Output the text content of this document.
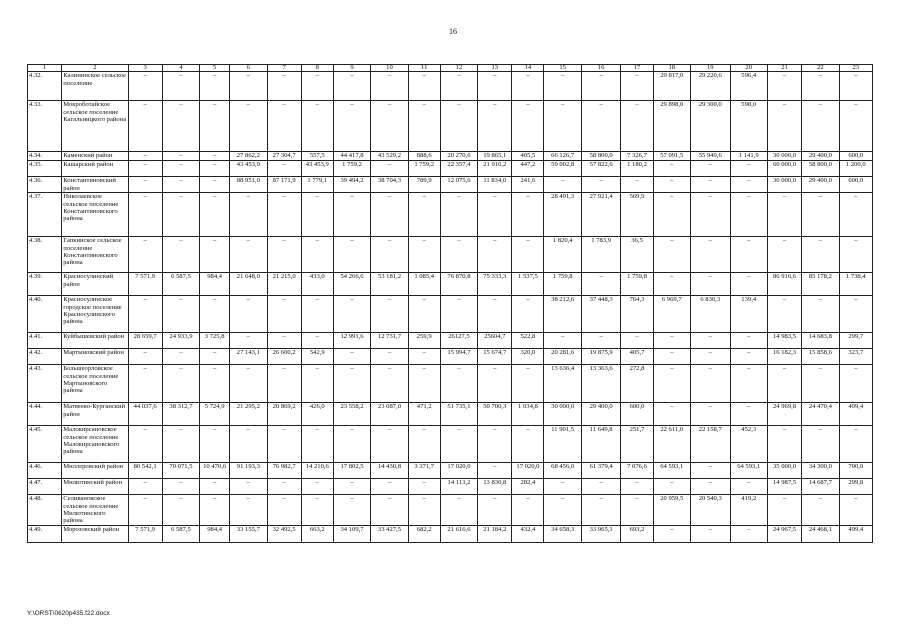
16
1	2	3	4	5	6	7	8	9	10	11	12	13	14	15	16	17	18	19	20	21	22	23
4.32.	Калининское сельское поселение	–	–	–	–	–	–	–	–	–	–	–	–	–	–	–	29 817,0	29 220,6	596,4	–	–	–
4.33.	Мокроботайское сельское поселение Кагальницкого района	–	–	–	–	–	–	–	–	–	–	–	–	–	–	–	29 898,0	29 300,0	598,0	–	–	–
4.34.	Каменский район	–	–	–	27 862,2	27 304,7	557,5	44 417,8	43 529,2	888,6	20 270,6	19 865,1	405,5	66 126,7	58 800,0	7 326,7	57 091,5	55 949,6	1 141,9	30 000,0	29 400,0	600,0
4.35.	Кашарский район	–	–	–	43 453,9	–	43 453,9	1 759,2	–	1 759,2	22 357,4	21 910,2	447,2	59 002,8	57 822,6	1 180,2	–	–	–	60 000,0	58 800,0	1 200,0
4.36.	Константиновский район	–	–	–	88 951,0	87 171,9	1 779,1	39 494,2	38 704,3	789,9	12 075,6	11 834,0	241,6	–	–	–	–	–	–	30 000,0	29 400,0	600,0
4.37.	Николаевское сельское поселение Константиновского района	–	–	–	–	–	–	–	–	–	–	–	–	28 491,3	27 921,4	569,9	–	–	–	–	–	–
4.38.	Гапкинское сельское поселение Константиновского района	–	–	–	–	–	–	–	–	–	–	–	–	1 820,4	1 783,9	36,5	–	–	–	–	–	–
4.39.	Красносулинский район	7 571,9	6 587,5	984,4	21 648,0	21 215,0	433,0	54 266,6	53 181,2	1 085,4	76 870,8	75 333,3	1 537,5	1 759,8	–	1 759,8	–	–	–	86 916,6	85 178,2	1 738,4
4.40.	Красносулинское городское поселение Красносулинского района	–	–	–	–	–	–	–	–	–	–	–	–	38 212,6	37 448,3	764,3	6 969,7	6 830,3	139,4	–	–	–
4.41.	Куйбышевский район	28 659,7	24 933,9	3 725,8	–	–	–	12 991,6	12 731,7	259,9	26127,5	25604,7	522,8	–	–	–	–	–	–	14 983,5	14 683,8	299,7
4.42.	Мартыновский район	–	–	–	27 143,1	26 600,2	542,9	–	–	–	15 994,7	15 674,7	320,0	20 281,6	19 875,9	405,7	–	–	–	16 182,3	15 858,6	323,7
4.43.	Большеорловское сельское поселение Мартыновского района	–	–	–	–	–	–	–	–	–	–	–	–	13 636,4	13 363,6	272,8	–	–	–	–	–	–
4.44.	Матвеево-Курганский район	44 037,6	38 312,7	5 724,9	21 295,2	20 869,2	426,0	23 558,2	23 087,0	471,2	51 735,1	50 700,3	1 034,8	30 000,0	29 400,0	600,0	–	–	–	24 969,8	24 470,4	499,4
4.45.	Малокирсановское сельское поселение Малокирсановского района	–	–	–	–	–	–	–	–	–	–	–	–	11 901,5	11 649,8	251,7	22 611,0	22 158,7	452,3	–	–	–
4.46.	Миллеровский район	80 542,1	70 071,5	10 470,6	91 193,3	76 982,7	14 210,6	17 802,5	14 430,8	3 371,7	17 020,0	–	17 020,0	68 456,0	61 379,4	7 076,6	64 593,1	–	64 593,1	35 000,0	34 300,0	700,0
4.47.	Милютинский район	–	–	–	–	–	–	–	–	–	14 113,2	13 830,8	282,4	–	–	–	–	–	–	14 987,5	14 687,7	299,8
4.48.	Селивановское сельское поселение Милютинского района	–	–	–	–	–	–	–	–	–	–	–	–	–	–	–	20 959,5	20 540,3	419,2	–	–	–
4.49.	Морозовский район	7 571,9	6 587,5	984,4	33 155,7	32 492,5	663,2	34 109,7	33 427,5	682,2	21 616,6	21 184,2	432,4	34 658,3	33 965,1	693,2	–	–	–	24 967,5	24 468,1	499,4
Y:\ORST\0620p435.f22.docx
